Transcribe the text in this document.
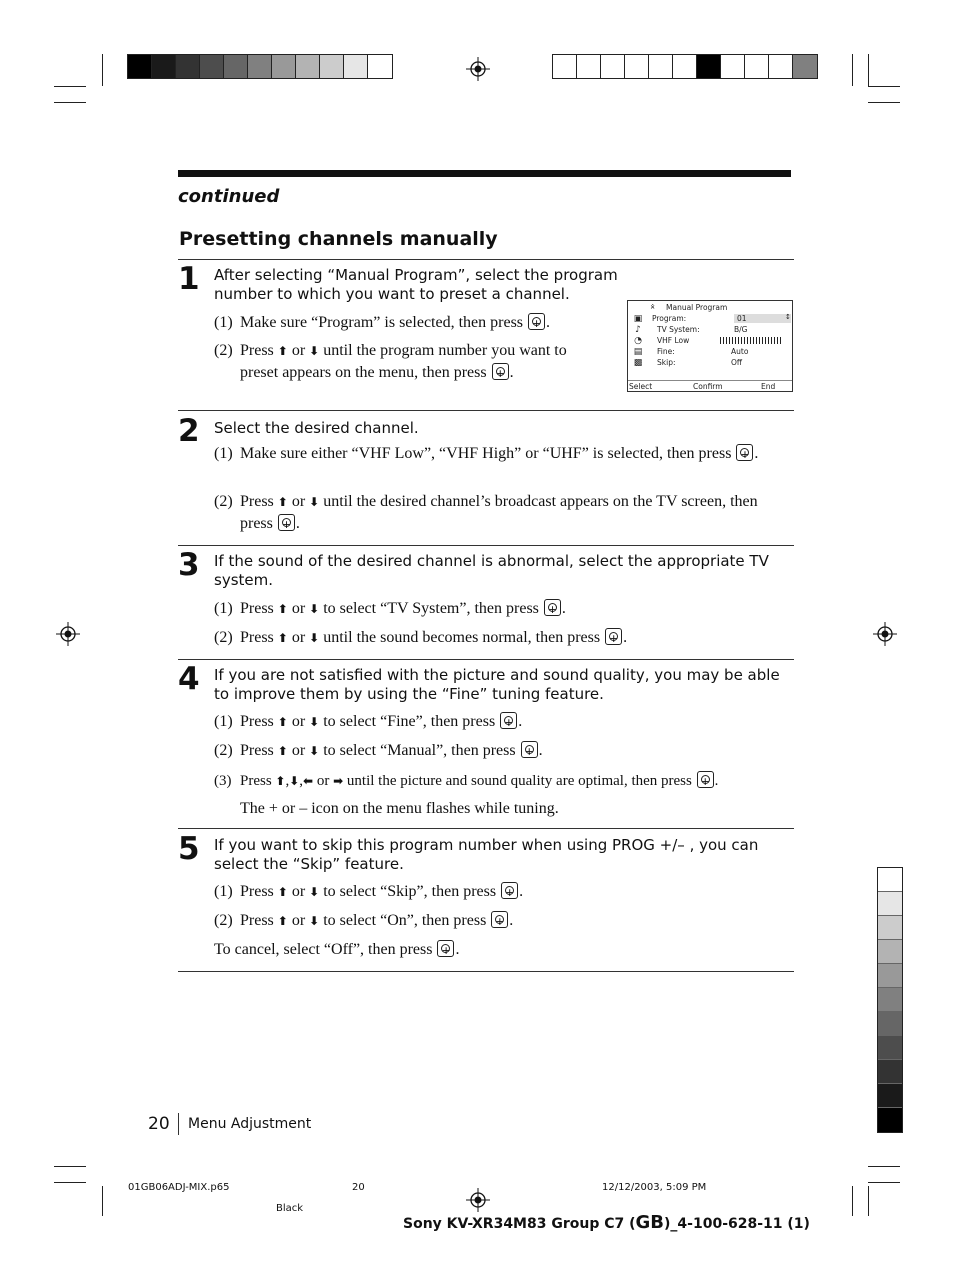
continued
Presetting channels manually
1 After selecting “Manual Program”, select the program number to which you want to preset a channel.
(1) Make sure “Program” is selected, then press + .
(2) Press ⬆ or ⬇ until the program number you want to preset appears on the menu, then press + .
⨰ Manual Program
▣
♪
◔
▤
▩
Program:	01	↕
TV System:	B/G
VHF Low
Fine:	Auto
Skip:	Off
Select	Confirm	End
2 Select the desired channel.
(1) Make sure either “VHF Low”, “VHF High” or “UHF” is selected, then press + .
(2) Press ⬆ or ⬇ until the desired channel’s broadcast appears on the TV screen, then press + .
3 If the sound of the desired channel is abnormal, select the appropriate TV system.
(1) Press ⬆ or ⬇ to select “TV System”, then press + .
(2) Press ⬆ or ⬇ until the sound becomes normal, then press + .
4 If you are not satisfied with the picture and sound quality, you may be able to improve them by using the “Fine” tuning feature.
(1) Press ⬆ or ⬇ to select “Fine”, then press + .
(2) Press ⬆ or ⬇ to select “Manual”, then press + .
(3) Press ⬆,⬇,⬅ or ➡ until the picture and sound quality are optimal, then press + .
The + or – icon on the menu flashes while tuning.
5 If you want to skip this program number when using PROG +/– , you can select the “Skip” feature.
(1) Press ⬆ or ⬇ to select “Skip”, then press + .
(2) Press ⬆ or ⬇ to select “On”, then press + .
To cancel, select “Off”, then press + .
20 Menu Adjustment
01GB06ADJ-MIX.p65	20	12/12/2003, 5:09 PM
Black
Sony KV-XR34M83 Group C7 (GB)_4-100-628-11 (1)
